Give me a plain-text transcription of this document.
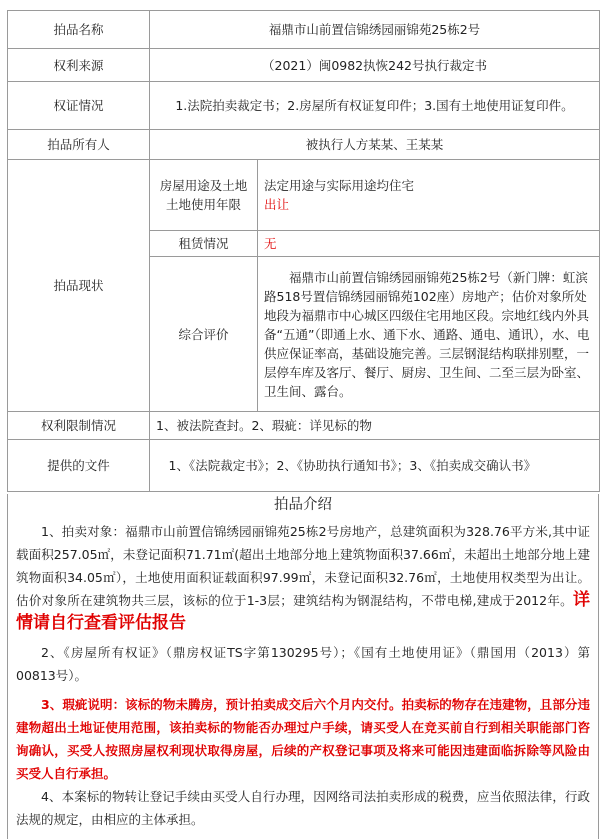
拍品名称	福鼎市山前置信锦绣园丽锦苑25栋2号	
权利来源	（2021）闽0982执恢242号执行裁定书	
权证情况	1.法院拍卖裁定书；2.房屋所有权证复印件；3.国有土地使用证复印件。	
拍品所有人	被执行人方某某、王某某	
拍品现状	房屋用途及土地土地使用年限	法定用途与实际用途均住宅
出让

	租赁情况	无
	综合评价	福鼎市山前置信锦绣园丽锦苑25栋2号（新门牌：虹滨路518号置信锦绣园丽锦苑102座）房地产；估价对象所处地段为福鼎市中心城区四级住宅用地区段。宗地红线内外具备“五通”（即通上水、通下水、通路、通电、通讯），水、电供应保证率高，基础设施完善。三层钢混结构联排别墅，一层停车库及客厅、餐厅、厨房、卫生间、二至三层为卧室、卫生间、露台。
权利限制情况	1、被法院查封。2、瑕疵：详见标的物	
提供的文件	1、《法院裁定书》；2、《协助执行通知书》；3、《拍卖成交确认书》	
拍品介绍

1、拍卖对象：福鼎市山前置信锦绣园丽锦苑25栋2号房地产，总建筑面积为328.76平方米,其中证载面积257.05㎡，未登记面积71.71㎡(超出土地部分地上建筑物面积37.66㎡，未超出土地部分地上建筑物面积34.05㎡），土地使用面积证载面积97.99㎡，未登记面积32.76㎡，土地使用权类型为出让。估价对象所在建筑物共三层，该标的位于1-3层；建筑结构为钢混结构，不带电梯,建成于2012年。详情请自行查看评估报告

2、《房屋所有权证》（鼎房权证TS字第130295号）；《国有土地使用证》（鼎国用（2013）第00813号）。

3、瑕疵说明：该标的物未腾房，预计拍卖成交后六个月内交付。拍卖标的物存在违建物，且部分违建物超出土地证使用范围，该拍卖标的物能否办理过户手续，请买受人在竞买前自行到相关职能部门咨询确认，买受人按照房屋权利现状取得房屋，后续的产权登记事项及将来可能因违建面临拆除等风险由买受人自行承担。

4、本案标的物转让登记手续由买受人自行办理，因网络司法拍卖形成的税费，应当依照法律，行政法规的规定，由相应的主体承担。
